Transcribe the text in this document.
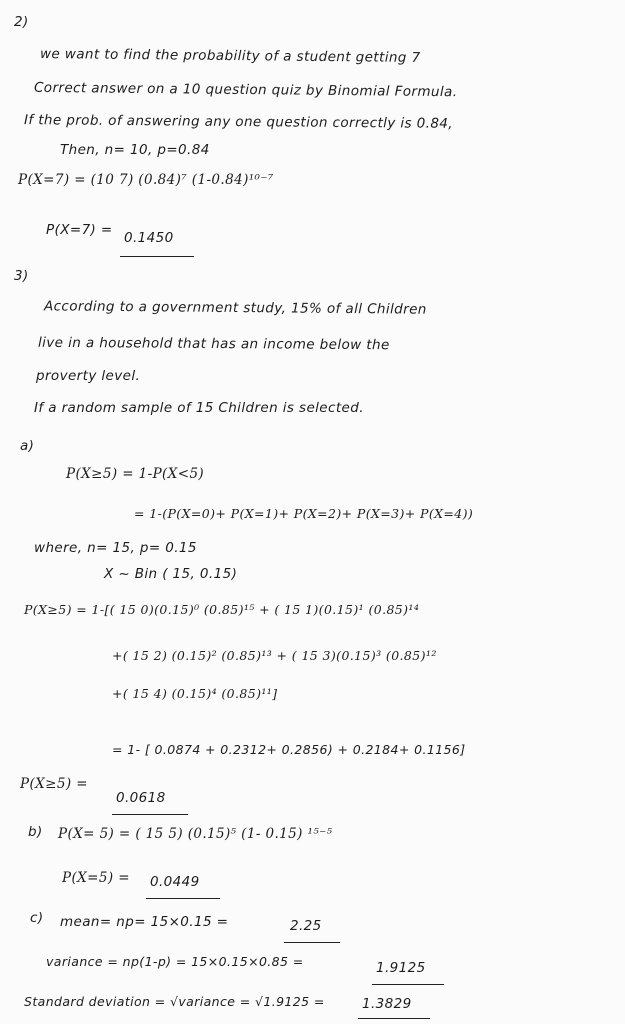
2)
we want to find the probability of a student getting 7
Correct answer on a 10 question quiz by Binomial Formula.
If the prob. of answering any one question correctly is 0.84,
Then, n= 10, p=0.84
P(X=7) = (10 7) (0.84)⁷ (1-0.84)¹⁰⁻⁷
P(X=7) = 0.1450
3)
According to a government study, 15% of all Children
live in a household that has an income below the
proverty level.
If a random sample of 15 Children is selected.
a)
P(X≥5) = 1-P(X<5)
= 1-(P(X=0)+ P(X=1)+ P(X=2)+ P(X=3)+ P(X=4))
where, n= 15, p= 0.15
X ~ Bin ( 15, 0.15)
P(X≥5) = 1-[( 15 0)(0.15)⁰ (0.85)¹⁵ + ( 15 1)(0.15)¹ (0.85)¹⁴
+( 15 2) (0.15)² (0.85)¹³ + ( 15 3)(0.15)³ (0.85)¹²
+( 15 4) (0.15)⁴ (0.85)¹¹]
= 1- [ 0.0874 + 0.2312+ 0.2856) + 0.2184+ 0.1156]
P(X≥5) =
0.0618
b) P(X= 5) = ( 15 5) (0.15)⁵ (1- 0.15) ¹⁵⁻⁵
P(X=5) = 0.0449
c) mean= np= 15×0.15 =	2.25
variance = np(1-p) = 15×0.15×0.85 =	1.9125
Standard deviation = √variance = √1.9125 =	1.3829
